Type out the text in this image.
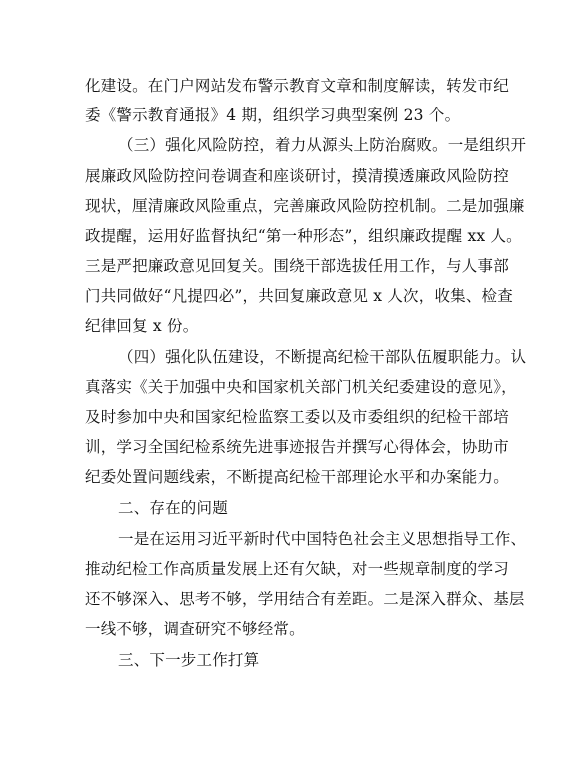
化建设。在门户网站发布警示教育文章和制度解读，转发市纪
委《警示教育通报》4 期，组织学习典型案例 23 个。
（三）强化风险防控，着力从源头上防治腐败。一是组织开
展廉政风险防控问卷调查和座谈研讨，摸清摸透廉政风险防控
现状，厘清廉政风险重点，完善廉政风险防控机制。二是加强廉
政提醒，运用好监督执纪“第一种形态”，组织廉政提醒 xx 人。
三是严把廉政意见回复关。围绕干部选拔任用工作，与人事部
门共同做好“凡提四必”，共回复廉政意见 x 人次，收集、检查
纪律回复 x 份。
（四）强化队伍建设，不断提高纪检干部队伍履职能力。认
真落实《关于加强中央和国家机关部门机关纪委建设的意见》，
及时参加中央和国家纪检监察工委以及市委组织的纪检干部培
训，学习全国纪检系统先进事迹报告并撰写心得体会，协助市
纪委处置问题线索，不断提高纪检干部理论水平和办案能力。
二、存在的问题
一是在运用习近平新时代中国特色社会主义思想指导工作、
推动纪检工作高质量发展上还有欠缺，对一些规章制度的学习
还不够深入、思考不够，学用结合有差距。二是深入群众、基层
一线不够，调查研究不够经常。
三、下一步工作打算
